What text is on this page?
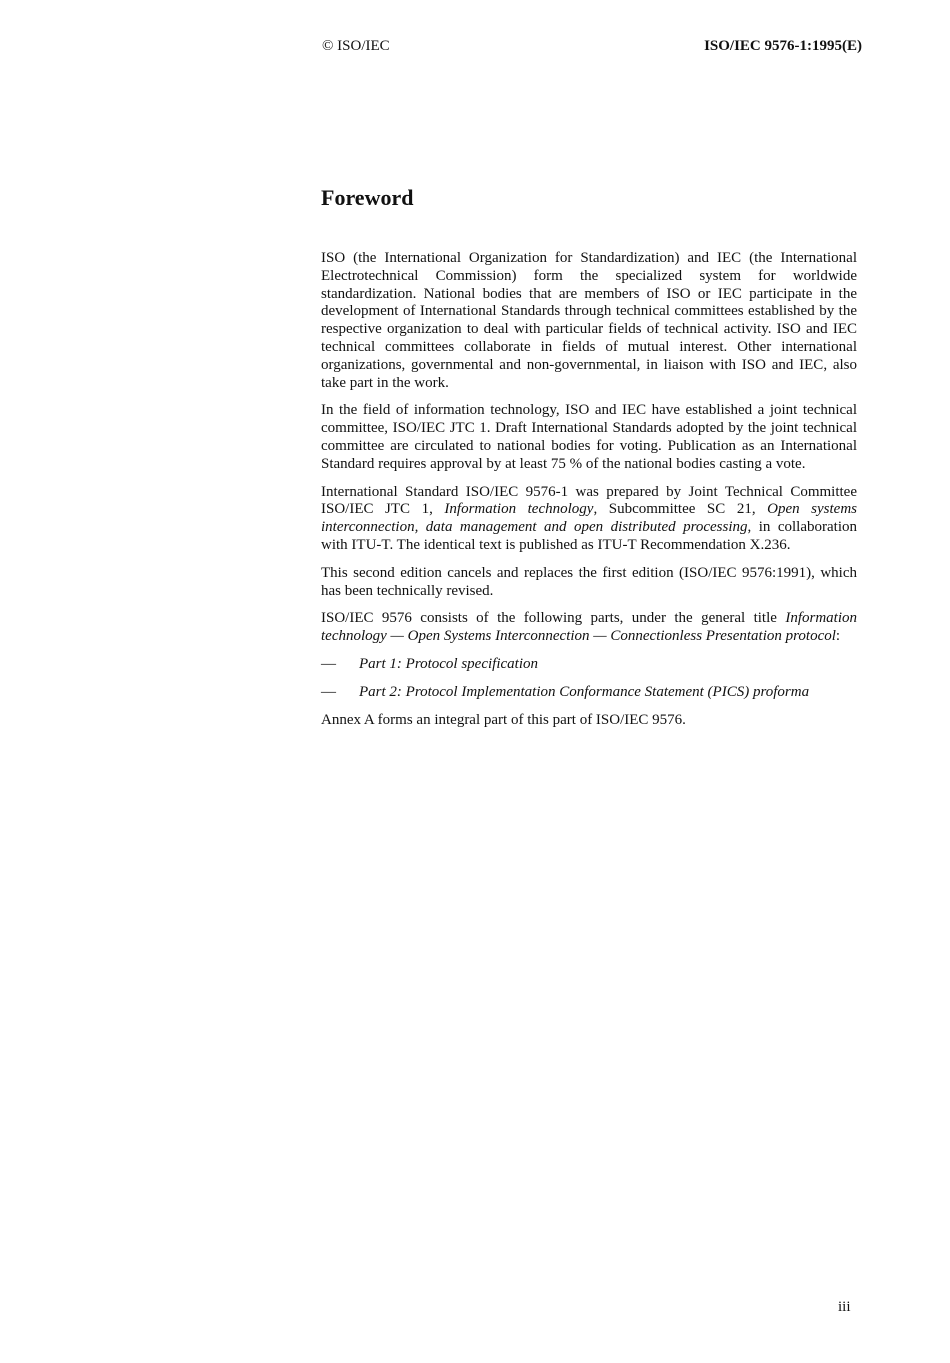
© ISO/IEC	ISO/IEC 9576-1:1995(E)
Foreword

ISO (the International Organization for Standardization) and IEC (the International Electrotechnical Commission) form the specialized system for worldwide standardization. National bodies that are members of ISO or IEC participate in the development of International Standards through technical committees established by the respective organization to deal with particular fields of technical activity. ISO and IEC technical committees collaborate in fields of mutual interest. Other international organizations, governmental and non-governmental, in liaison with ISO and IEC, also take part in the work.

In the field of information technology, ISO and IEC have established a joint technical committee, ISO/IEC JTC 1. Draft International Standards adopted by the joint technical committee are circulated to national bodies for voting. Publication as an International Standard requires approval by at least 75 % of the national bodies casting a vote.

International Standard ISO/IEC 9576-1 was prepared by Joint Technical Committee ISO/IEC JTC 1, Information technology, Subcommittee SC 21, Open systems interconnection, data management and open distributed processing, in collaboration with ITU-T. The identical text is published as ITU-T Recommendation X.236.

This second edition cancels and replaces the first edition (ISO/IEC 9576:1991), which has been technically revised.

ISO/IEC 9576 consists of the following parts, under the general title Information technology — Open Systems Interconnection — Connectionless Presentation protocol:

—	Part 1: Protocol specification
—	Part 2: Protocol Implementation Conformance Statement (PICS) proforma

Annex A forms an integral part of this part of ISO/IEC 9576.

iii
